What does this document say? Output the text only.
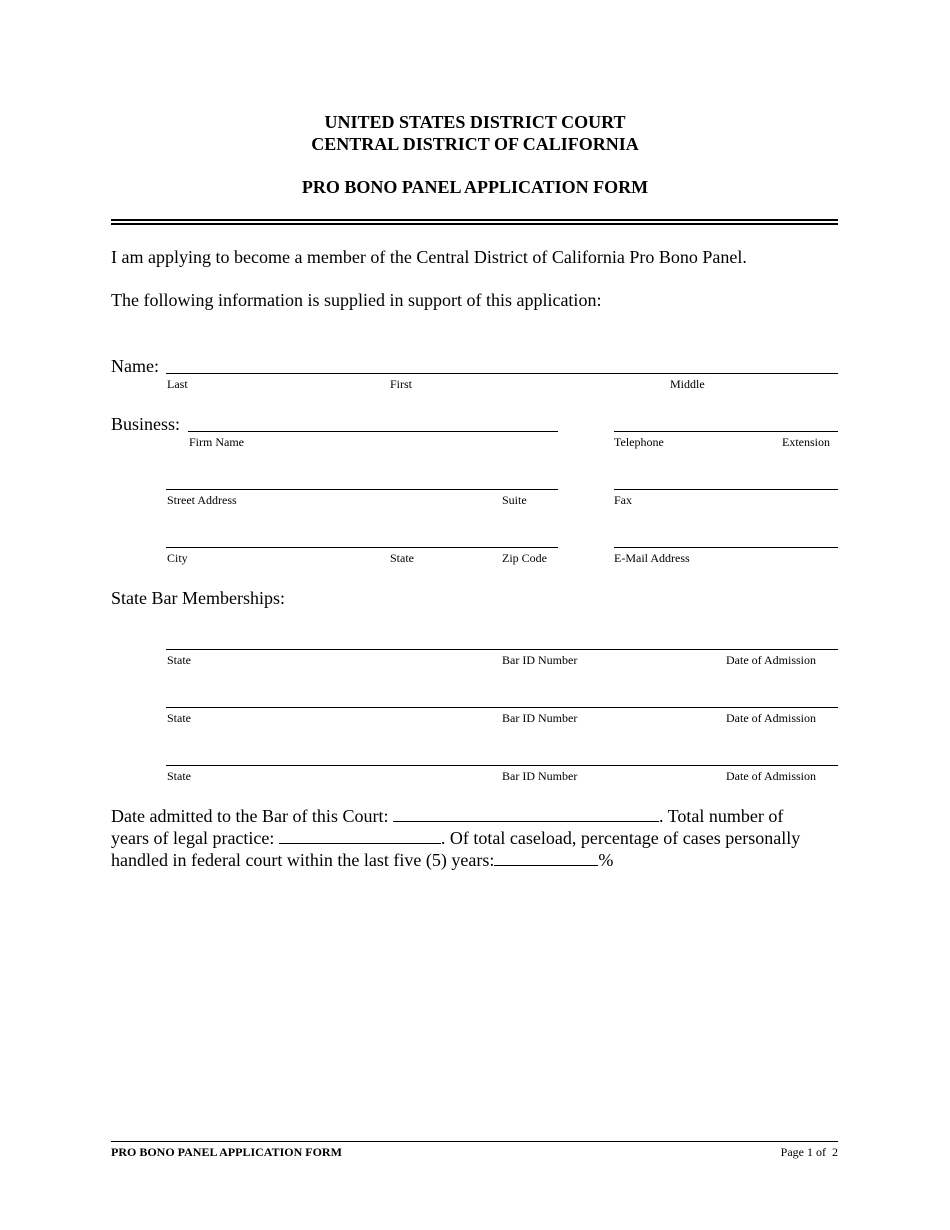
UNITED STATES DISTRICT COURT
CENTRAL DISTRICT OF CALIFORNIA
PRO BONO PANEL APPLICATION FORM
I am applying to become a member of the Central District of California Pro Bono Panel.
The following information is supplied in support of this application:
Name:
Last	First	Middle
Business:
Firm Name	Telephone	Extension
Street Address	Suite	Fax
City	State	Zip Code	E-Mail Address
State Bar Memberships:
State	Bar ID Number	Date of Admission
State	Bar ID Number	Date of Admission
State	Bar ID Number	Date of Admission
Date admitted to the Bar of this Court:	. Total number of
years of legal practice:	. Of total caseload, percentage of cases personally
handled in federal court within the last five (5) years:	%
PRO BONO PANEL APPLICATION FORM	Page 1 of  2
